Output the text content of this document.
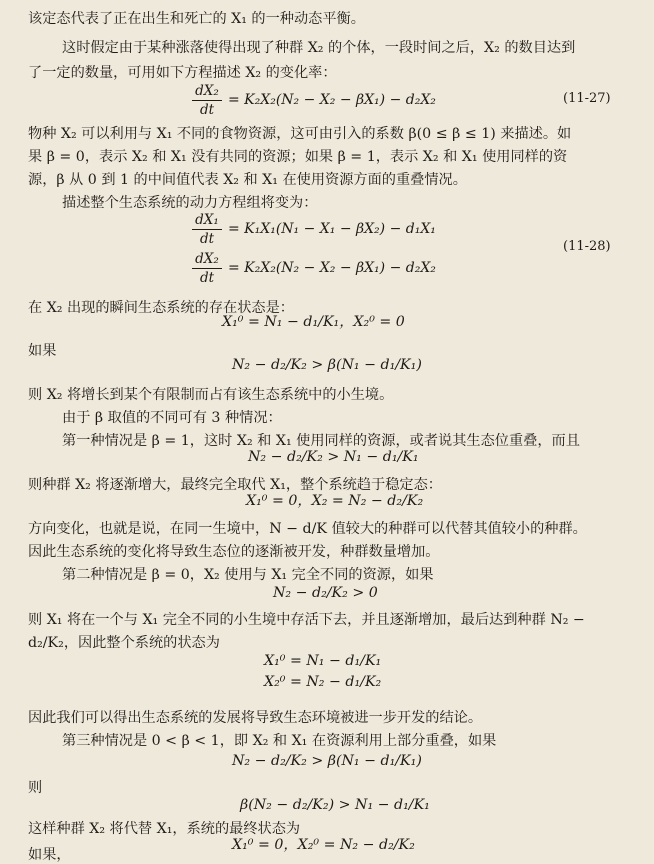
该定态代表了正在出生和死亡的 X₁ 的一种动态平衡。
这时假定由于某种涨落使得出现了种群 X₂ 的个体，一段时间之后，X₂ 的数目达到
了一定的数量，可用如下方程描述 X₂ 的变化率：
物种 X₂ 可以利用与 X₁ 不同的食物资源，这可由引入的系数 β(0 ≤ β ≤ 1) 来描述。如
果 β = 0，表示 X₂ 和 X₁ 没有共同的资源；如果 β = 1，表示 X₂ 和 X₁ 使用同样的资
源，β 从 0 到 1 的中间值代表 X₂ 和 X₁ 在使用资源方面的重叠情况。
描述整个生态系统的动力方程组将变为：
在 X₂ 出现的瞬间生态系统的存在状态是：
如果
则 X₂ 将增长到某个有限制而占有该生态系统中的小生境。
由于 β 取值的不同可有 3 种情况：
第一种情况是 β = 1，这时 X₂ 和 X₁ 使用同样的资源，或者说其生态位重叠，而且
则种群 X₂ 将逐渐增大，最终完全取代 X₁，整个系统趋于稳定态：
方向变化，也就是说，在同一生境中，N − d/K 值较大的种群可以代替其值较小的种群。
因此生态系统的变化将导致生态位的逐渐被开发，种群数量增加。
第二种情况是 β = 0，X₂ 使用与 X₁ 完全不同的资源，如果
则 X₁ 将在一个与 X₁ 完全不同的小生境中存活下去，并且逐渐增加，最后达到种群 N₂ −
d₂/K₂，因此整个系统的状态为
因此我们可以得出生态系统的发展将导致生态环境被进一步开发的结论。
第三种情况是 0 < β < 1，即 X₂ 和 X₁ 在资源利用上部分重叠，如果
则
这样种群 X₂ 将代替 X₁，系统的最终状态为
如果，
N₂ − d₂/K₂ > β(N₁ − d₁/K₁)
X₁⁰ = N₁ − d₁/K₁，X₂⁰ = 0
N₂ − d₂/K₂ > N₁ − d₁/K₁
X₁⁰ = 0，X₂ = N₂ − d₂/K₂
N₂ − d₂/K₂ > 0
X₁⁰ = N₁ − d₁/K₁
X₂⁰ = N₂ − d₁/K₂
N₂ − d₂/K₂ > β(N₁ − d₁/K₁)
β(N₂ − d₂/K₂) > N₁ − d₁/K₁
X₁⁰ = 0，X₂⁰ = N₂ − d₂/K₂
dX₂
dt
= K₂X₂(N₂ − X₂ − βX₁) − d₂X₂
dX₁
dt
= K₁X₁(N₁ − X₁ − βX₂) − d₁X₁
dX₂
dt
= K₂X₂(N₂ − X₂ − βX₁) − d₂X₂
(11-27)
(11-28)
